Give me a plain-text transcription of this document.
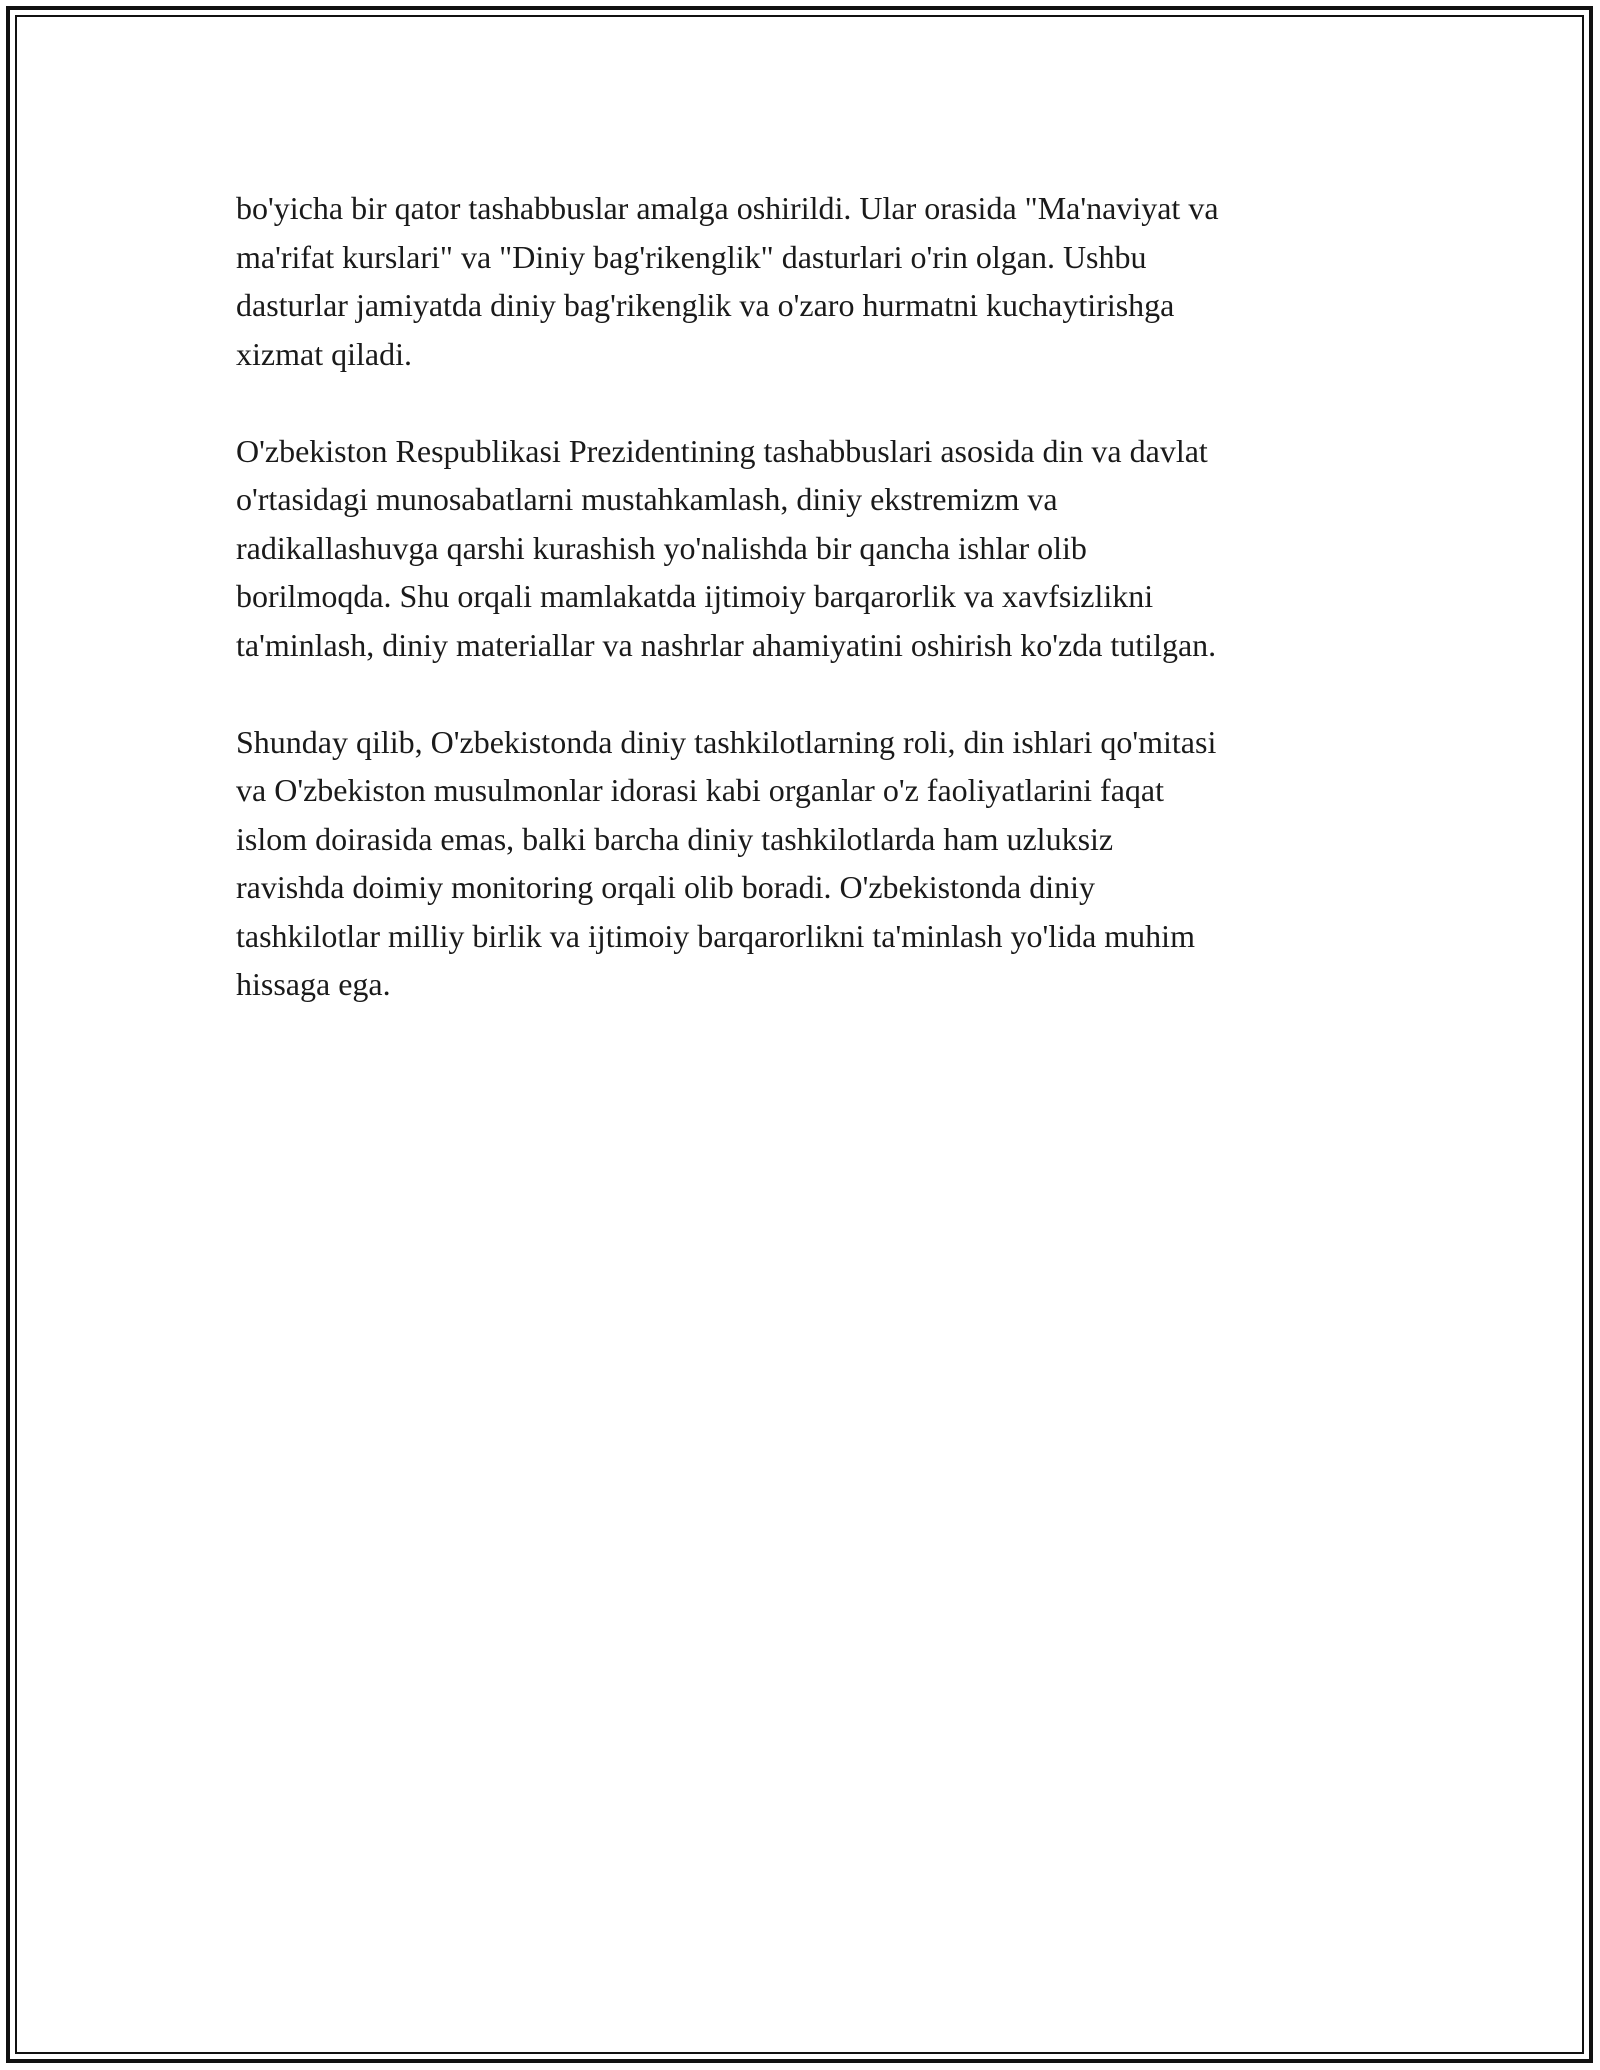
bo'yicha bir qator tashabbuslar amalga oshirildi. Ular orasida "Ma'naviyat va
ma'rifat kurslari" va "Diniy bag'rikenglik" dasturlari o'rin olgan. Ushbu
dasturlar jamiyatda diniy bag'rikenglik va o'zaro hurmatni kuchaytirishga
xizmat qiladi.

O'zbekiston Respublikasi Prezidentining tashabbuslari asosida din va davlat
o'rtasidagi munosabatlarni mustahkamlash, diniy ekstremizm va
radikallashuvga qarshi kurashish yo'nalishda bir qancha ishlar olib
borilmoqda. Shu orqali mamlakatda ijtimoiy barqarorlik va xavfsizlikni
ta'minlash, diniy materiallar va nashrlar ahamiyatini oshirish ko'zda tutilgan.

Shunday qilib, O'zbekistonda diniy tashkilotlarning roli, din ishlari qo'mitasi
va O'zbekiston musulmonlar idorasi kabi organlar o'z faoliyatlarini faqat
islom doirasida emas, balki barcha diniy tashkilotlarda ham uzluksiz
ravishda doimiy monitoring orqali olib boradi. O'zbekistonda diniy
tashkilotlar milliy birlik va ijtimoiy barqarorlikni ta'minlash yo'lida muhim
hissaga ega.
